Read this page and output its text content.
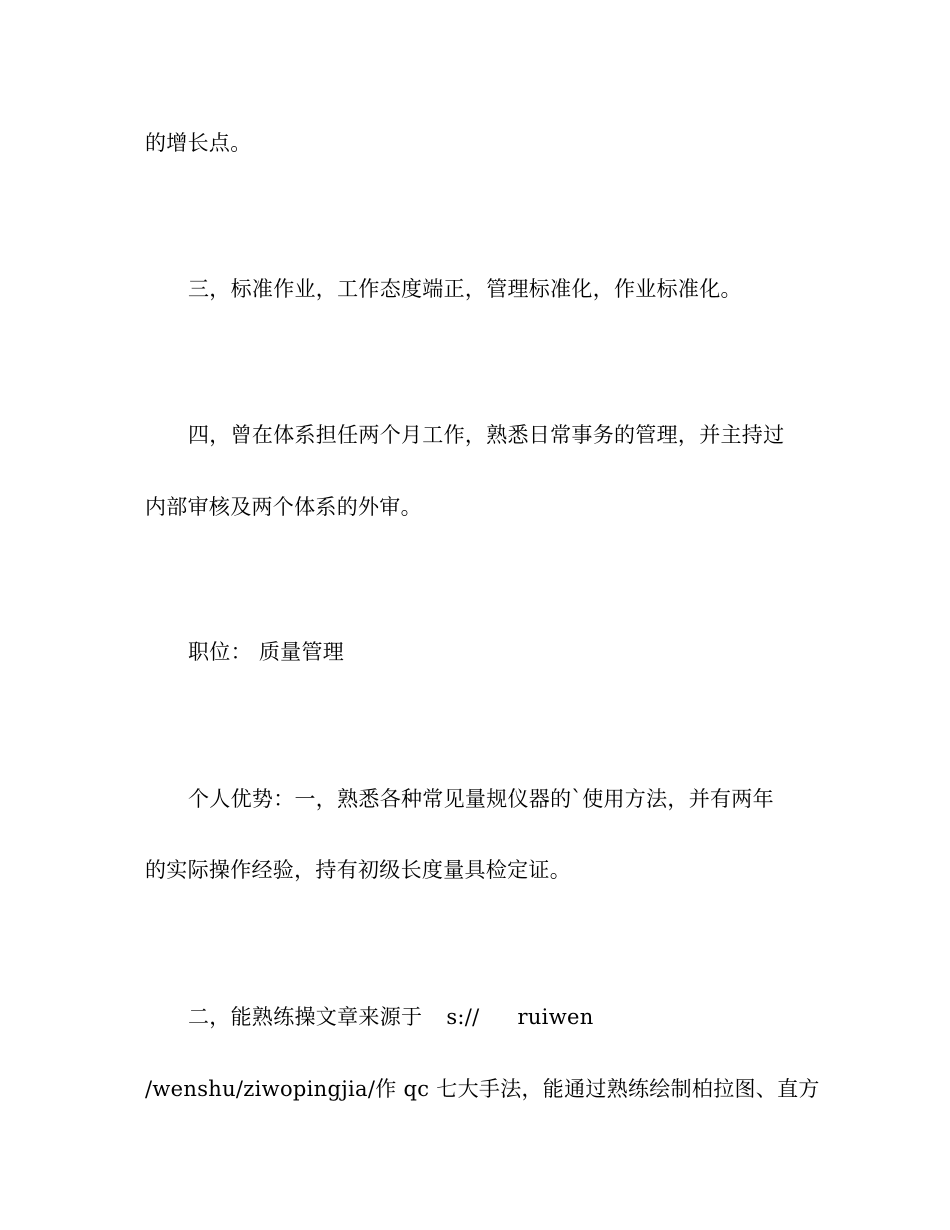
的增长点。
三，标准作业，工作态度端正，管理标准化，作业标准化。
四，曾在体系担任两个月工作，熟悉日常事务的管理，并主持过
内部审核及两个体系的外审。
职位： 质量管理
个人优势：一，熟悉各种常见量规仪器的`使用方法，并有两年
的实际操作经验，持有初级长度量具检定证。
二，能熟练操文章来源于 s:// ruiwen
/wenshu/ziwopingjia/作 qc 七大手法，能通过熟练绘制柏拉图、直方
